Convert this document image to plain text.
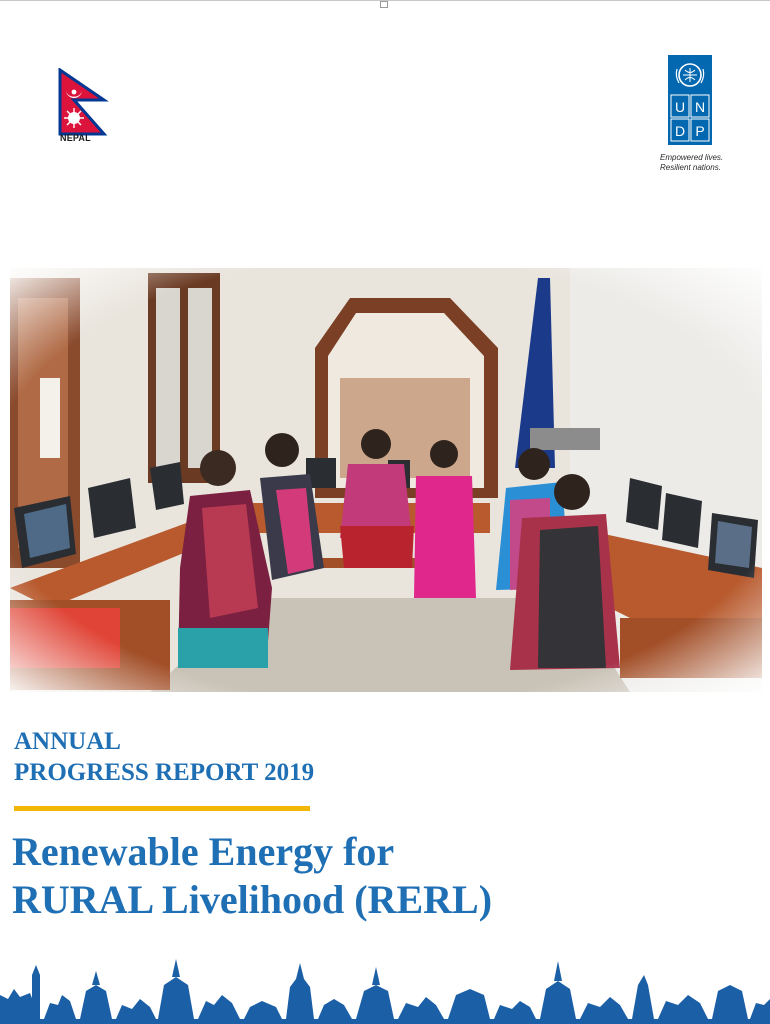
NEPAL
U N
D P
Empowered lives.
Resilient nations.
ANNUAL
PROGRESS REPORT 2019
Renewable Energy for
RURAL Livelihood (RERL)
